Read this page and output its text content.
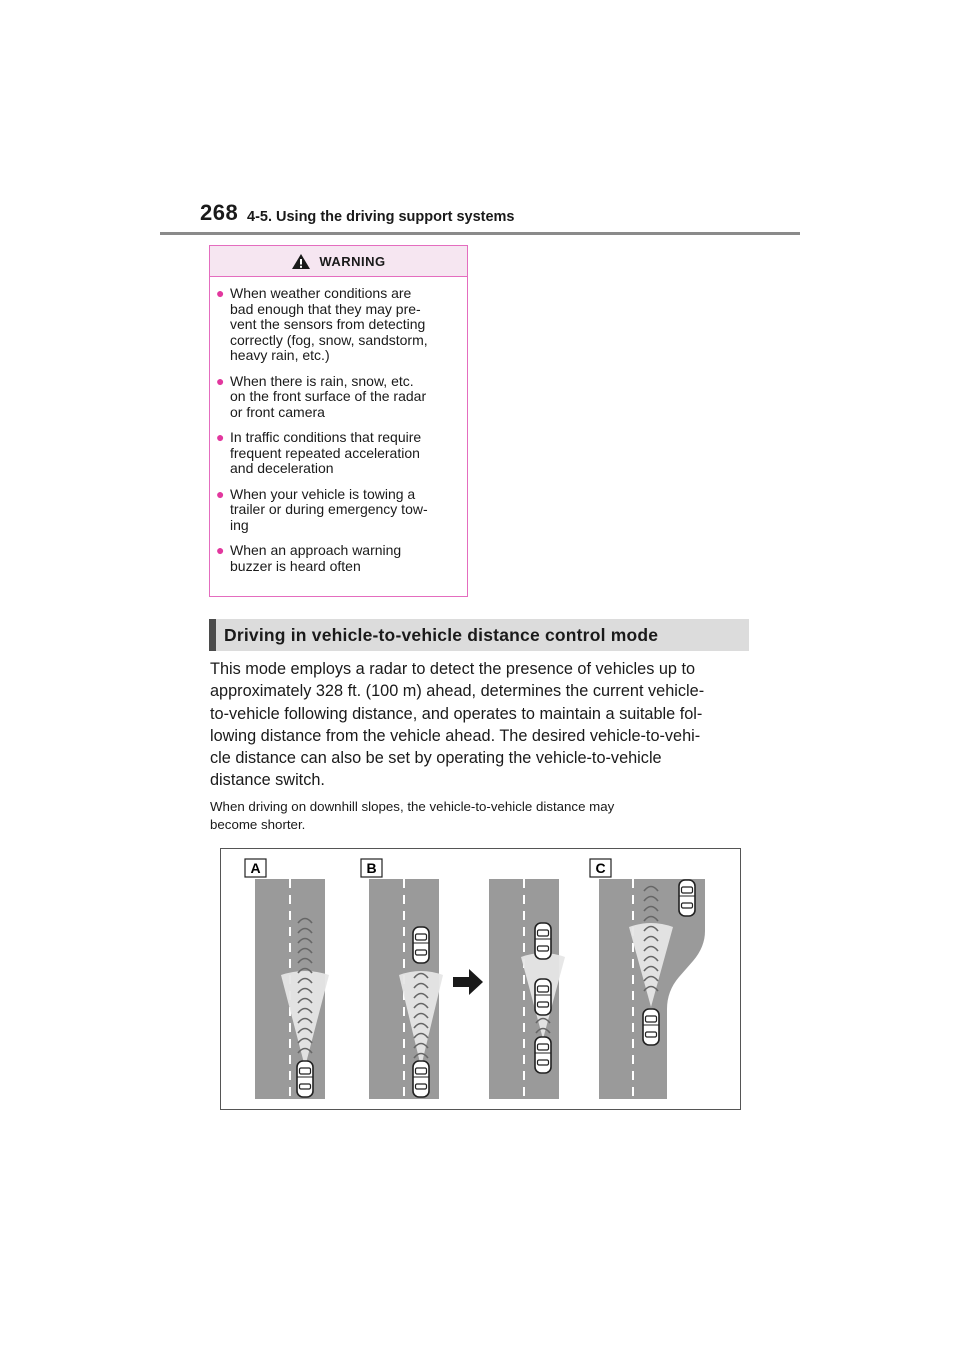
268 4-5. Using the driving support systems
WARNING
● When weather conditions are
bad enough that they may pre-
vent the sensors from detecting
correctly (fog, snow, sandstorm,
heavy rain, etc.)
● When there is rain, snow, etc.
on the front surface of the radar
or front camera
● In traffic conditions that require
frequent repeated acceleration
and deceleration
● When your vehicle is towing a
trailer or during emergency tow-
ing
● When an approach warning
buzzer is heard often
Driving in vehicle-to-vehicle distance control mode
This mode employs a radar to detect the presence of vehicles up to
approximately 328 ft. (100 m) ahead, determines the current vehicle-
to-vehicle following distance, and operates to maintain a suitable fol-
lowing distance from the vehicle ahead. The desired vehicle-to-vehi-
cle distance can also be set by operating the vehicle-to-vehicle
distance switch.
When driving on downhill slopes, the vehicle-to-vehicle distance may
become shorter.
A	B	C
